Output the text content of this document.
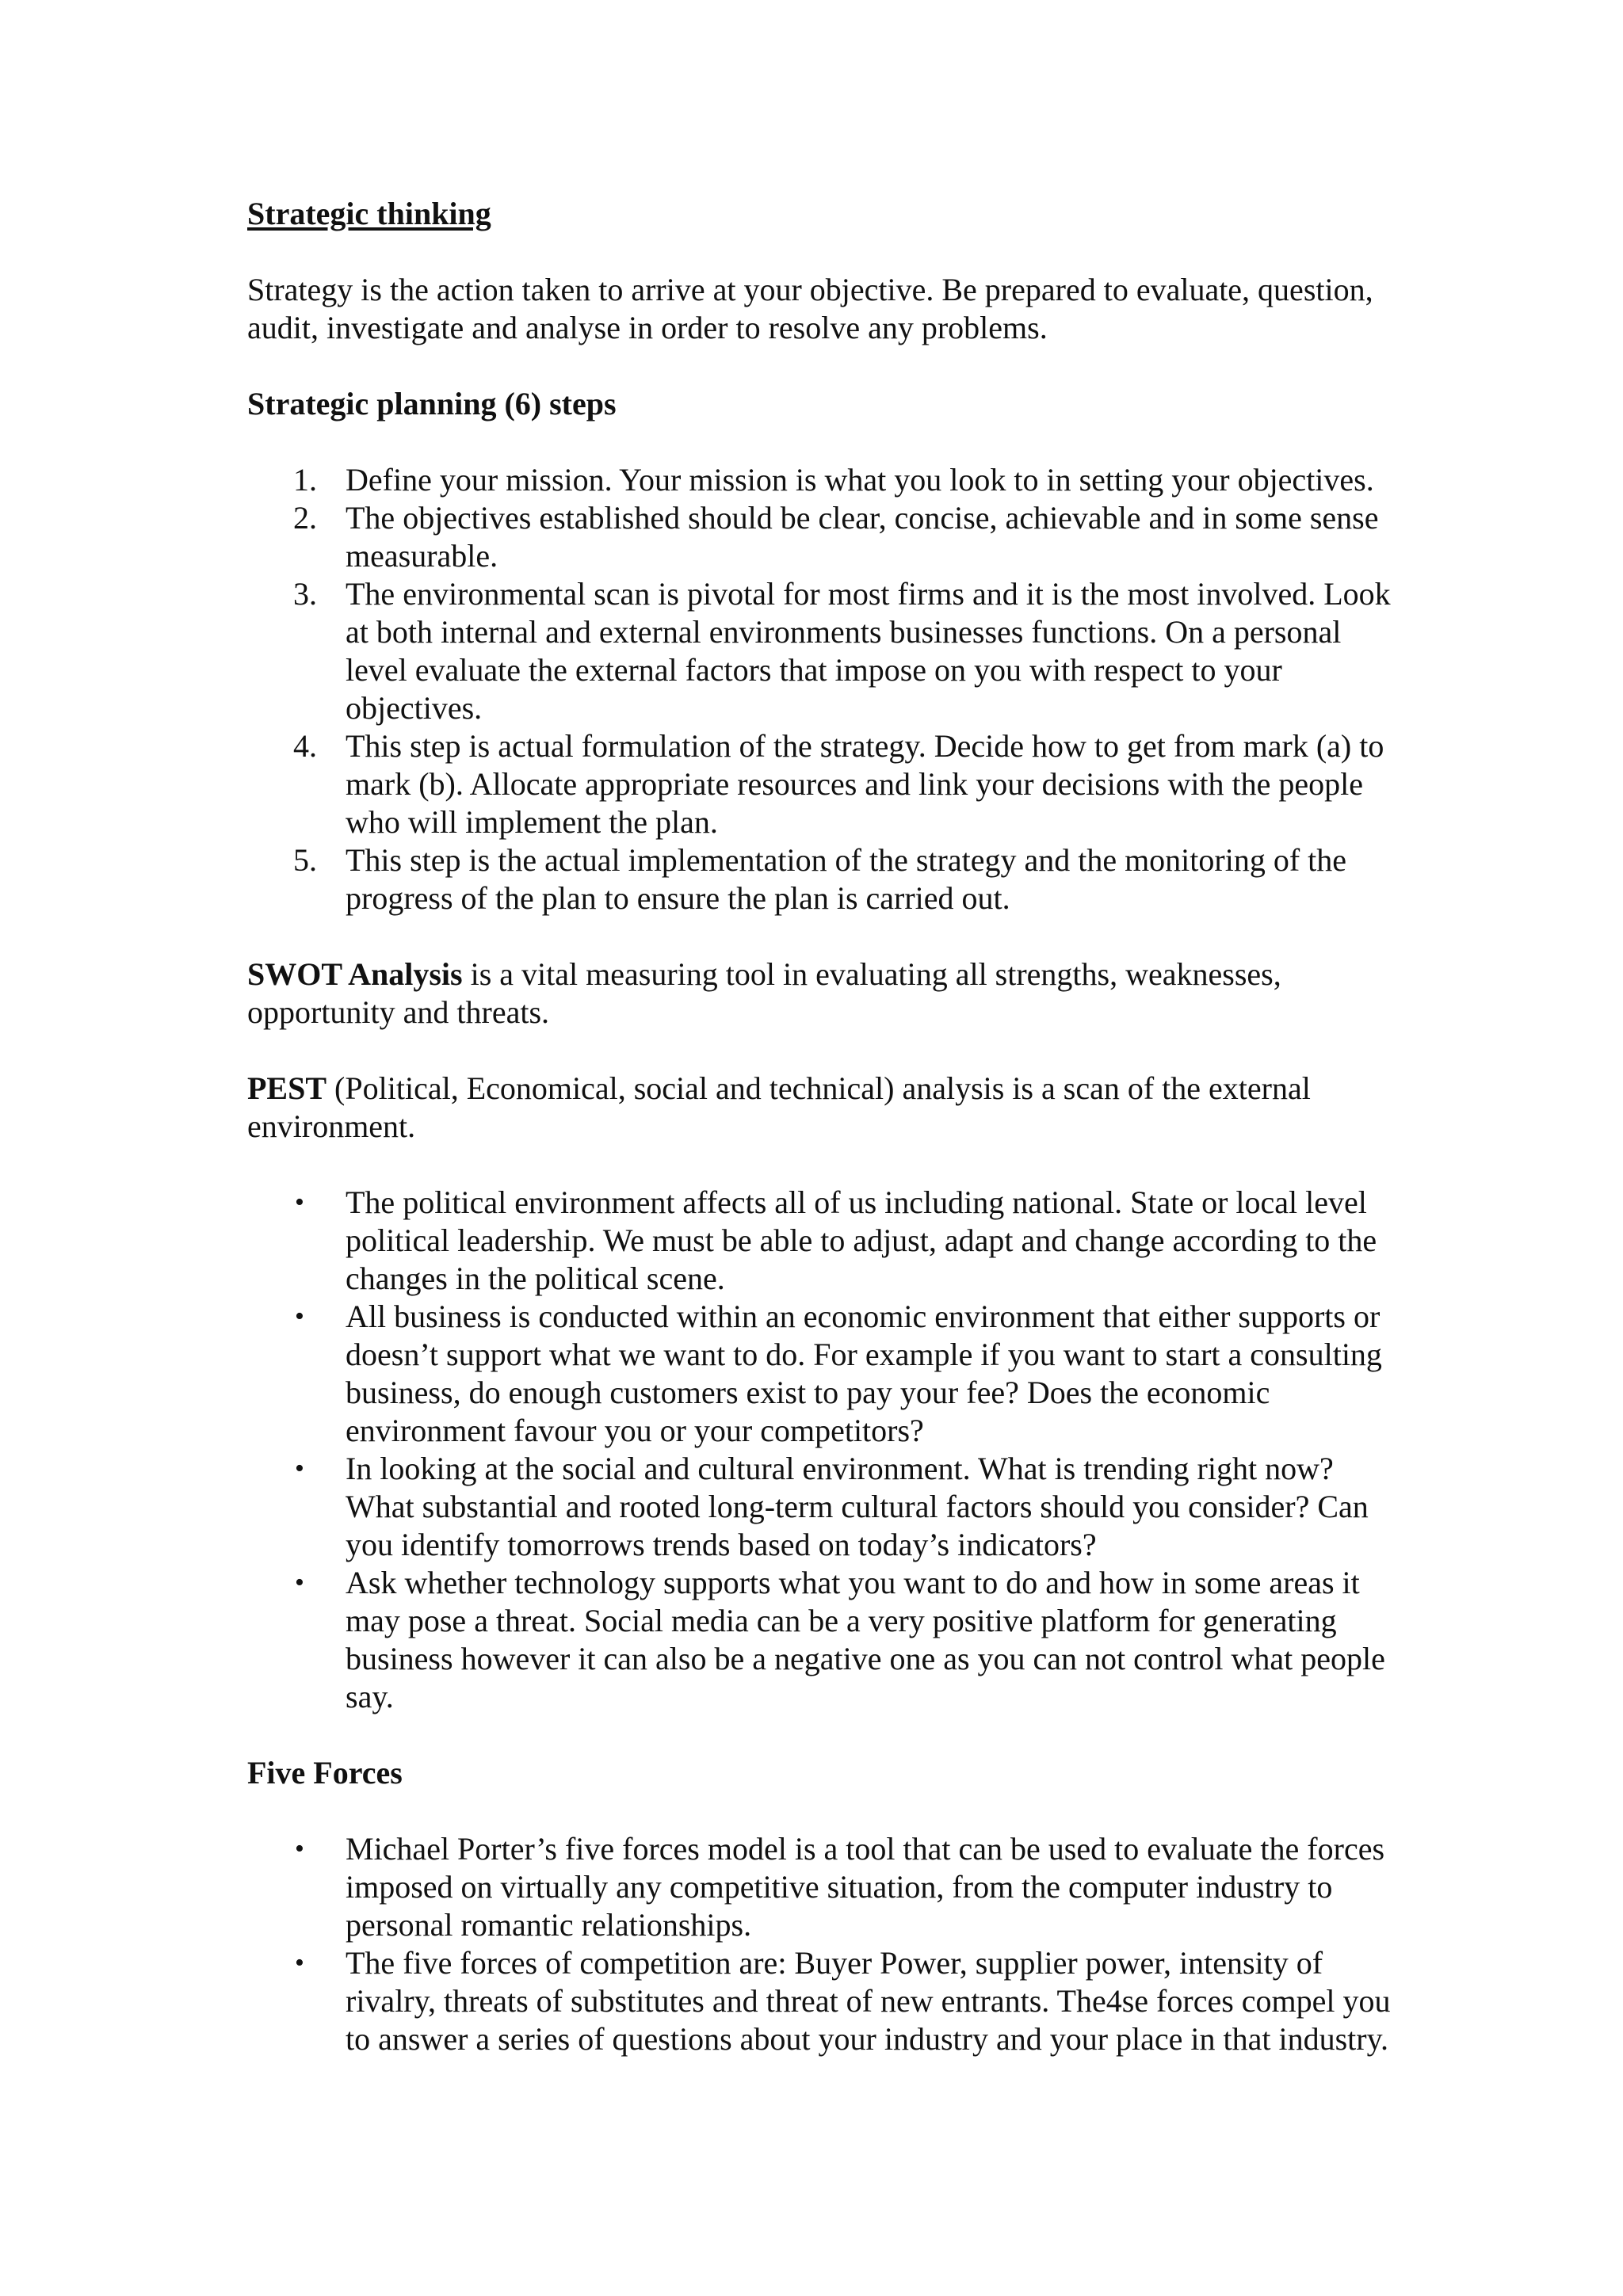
Strategic thinking

Strategy is the action taken to arrive at your objective. Be prepared to evaluate, question, audit, investigate and analyse in order to resolve any problems.

Strategic planning (6) steps

1. Define your mission. Your mission is what you look to in setting your objectives.
2. The objectives established should be clear, concise, achievable and in some sense measurable.
3. The environmental scan is pivotal for most firms and it is the most involved. Look at both internal and external environments businesses functions. On a personal level evaluate the external factors that impose on you with respect to your objectives.
4. This step is actual formulation of the strategy. Decide how to get from mark (a) to mark (b). Allocate appropriate resources and link your decisions with the people who will implement the plan.
5. This step is the actual implementation of the strategy and the monitoring of the progress of the plan to ensure the plan is carried out.

SWOT Analysis is a vital measuring tool in evaluating all strengths, weaknesses, opportunity and threats.

PEST (Political, Economical, social and technical) analysis is a scan of the external environment.

• The political environment affects all of us including national. State or local level political leadership. We must be able to adjust, adapt and change according to the changes in the political scene.
• All business is conducted within an economic environment that either supports or doesn’t support what we want to do. For example if you want to start a consulting business, do enough customers exist to pay your fee? Does the economic environment favour you or your competitors?
• In looking at the social and cultural environment. What is trending right now? What substantial and rooted long-term cultural factors should you consider? Can you identify tomorrows trends based on today’s indicators?
• Ask whether technology supports what you want to do and how in some areas it may pose a threat. Social media can be a very positive platform for generating business however it can also be a negative one as you can not control what people say.

Five Forces

• Michael Porter’s five forces model is a tool that can be used to evaluate the forces imposed on virtually any competitive situation, from the computer industry to personal romantic relationships.
• The five forces of competition are: Buyer Power, supplier power, intensity of rivalry, threats of substitutes and threat of new entrants. The4se forces compel you to answer a series of questions about your industry and your place in that industry.
